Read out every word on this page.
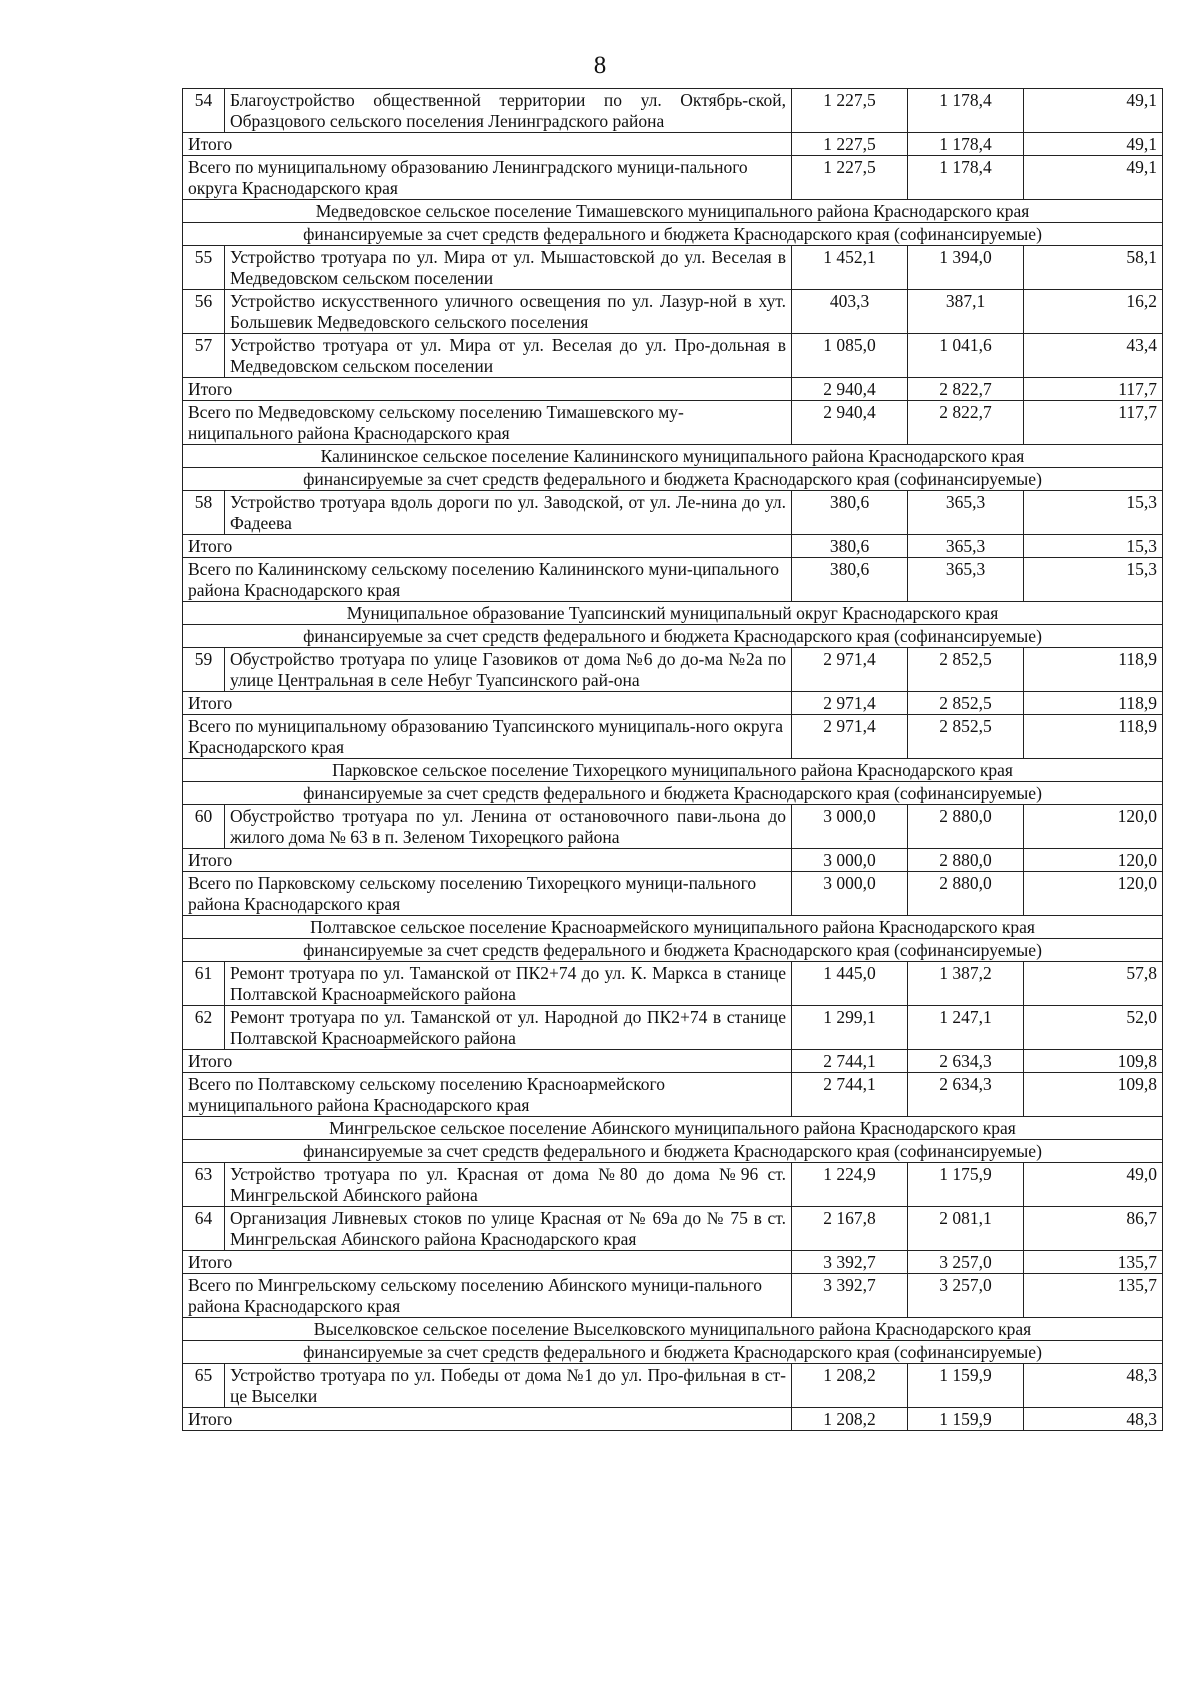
8
54	Благоустройство общественной территории по ул. Октябрь-ской, Образцового сельского поселения Ленинградского района	1 227,5	1 178,4	49,1
Итого		1 227,5	1 178,4	49,1
Всего по муниципальному образованию Ленинградского муници-пального округа Краснодарского края		1 227,5	1 178,4	49,1
Медведовское сельское поселение Тимашевского муниципального района Краснодарского края				
финансируемые за счет средств федерального и бюджета Краснодарского края (софинансируемые)				
55	Устройство тротуара по ул. Мира от ул. Мышастовской до ул. Веселая в Медведовском сельском поселении	1 452,1	1 394,0	58,1
56	Устройство искусственного уличного освещения по ул. Лазур-ной в хут. Большевик Медведовского сельского поселения	403,3	387,1	16,2
57	Устройство тротуара от ул. Мира от ул. Веселая до ул. Про-дольная в Медведовском сельском поселении	1 085,0	1 041,6	43,4
Итого		2 940,4	2 822,7	117,7
Всего по Медведовскому сельскому поселению Тимашевского му-ниципального района Краснодарского края		2 940,4	2 822,7	117,7
Калининское сельское поселение Калининского муниципального района Краснодарского края				
финансируемые за счет средств федерального и бюджета Краснодарского края (софинансируемые)				
58	Устройство тротуара вдоль дороги по ул. Заводской, от ул. Ле-нина до ул. Фадеева	380,6	365,3	15,3
Итого		380,6	365,3	15,3
Всего по Калининскому сельскому поселению Калининского муни-ципального района Краснодарского края		380,6	365,3	15,3
Муниципальное образование Туапсинский муниципальный округ Краснодарского края				
финансируемые за счет средств федерального и бюджета Краснодарского края (софинансируемые)				
59	Обустройство тротуара по улице Газовиков от дома №6 до до-ма №2а по улице Центральная в селе Небуг Туапсинского рай-она	2 971,4	2 852,5	118,9
Итого		2 971,4	2 852,5	118,9
Всего по муниципальному образованию Туапсинского муниципаль-ного округа Краснодарского края		2 971,4	2 852,5	118,9
Парковское сельское поселение Тихорецкого муниципального района Краснодарского края				
финансируемые за счет средств федерального и бюджета Краснодарского края (софинансируемые)				
60	Обустройство тротуара по ул. Ленина от остановочного пави-льона до жилого дома № 63 в п. Зеленом Тихорецкого района	3 000,0	2 880,0	120,0
Итого		3 000,0	2 880,0	120,0
Всего по Парковскому сельскому поселению Тихорецкого муници-пального района Краснодарского края		3 000,0	2 880,0	120,0
Полтавское сельское поселение Красноармейского муниципального района Краснодарского края				
финансируемые за счет средств федерального и бюджета Краснодарского края (софинансируемые)				
61	Ремонт тротуара по ул. Таманской от ПК2+74 до ул. К. Маркса в станице Полтавской Красноармейского района	1 445,0	1 387,2	57,8
62	Ремонт тротуара по ул. Таманской от ул. Народной до ПК2+74 в станице Полтавской Красноармейского района	1 299,1	1 247,1	52,0
Итого		2 744,1	2 634,3	109,8
Всего по Полтавскому сельскому поселению Красноармейского муниципального района Краснодарского края		2 744,1	2 634,3	109,8
Мингрельское сельское поселение Абинского муниципального района Краснодарского края				
финансируемые за счет средств федерального и бюджета Краснодарского края (софинансируемые)				
63	Устройство тротуара по ул. Красная от дома №80 до дома №96 ст. Мингрельской Абинского района	1 224,9	1 175,9	49,0
64	Организация Ливневых стоков по улице Красная от № 69а до № 75 в ст. Мингрельская Абинского района Краснодарского края	2 167,8	2 081,1	86,7
Итого		3 392,7	3 257,0	135,7
Всего по Мингрельскому сельскому поселению Абинского муници-пального района Краснодарского края		3 392,7	3 257,0	135,7
Выселковское сельское поселение Выселковского муниципального района Краснодарского края				
финансируемые за счет средств федерального и бюджета Краснодарского края (софинансируемые)				
65	Устройство тротуара по ул. Победы от дома №1 до ул. Про-фильная в ст-це Выселки	1 208,2	1 159,9	48,3
Итого		1 208,2	1 159,9	48,3
